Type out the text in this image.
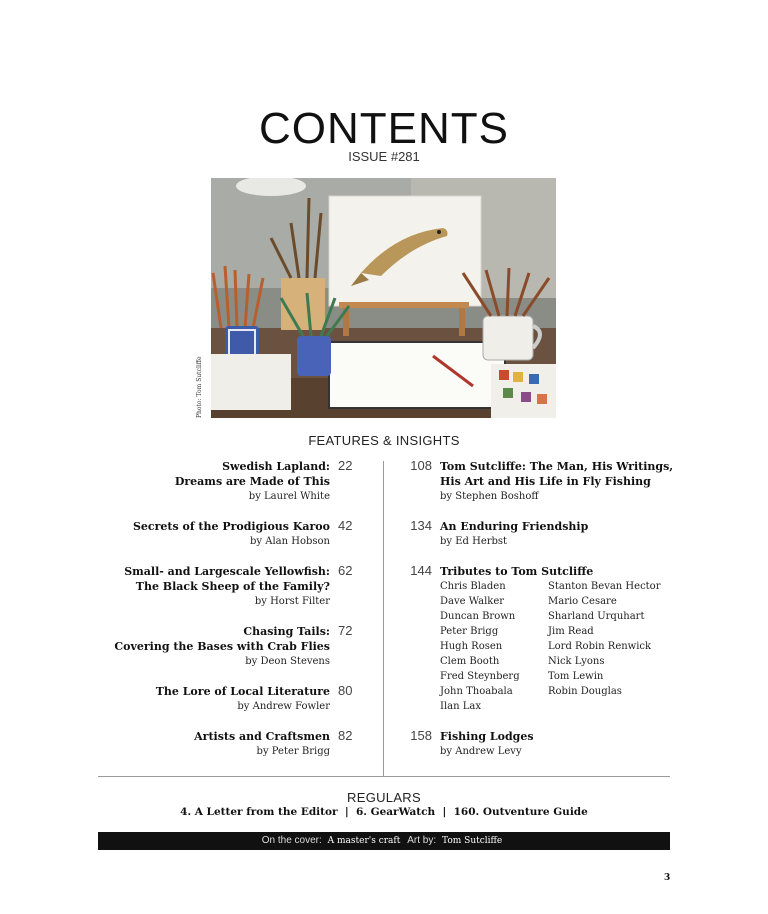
CONTENTS
ISSUE #281
Photo: Tom Sutcliffe
FEATURES & INSIGHTS
Swedish Lapland:
Dreams are Made of This
by Laurel White
22
Secrets of the Prodigious Karoo
by Alan Hobson
42
Small- and Largescale Yellowfish:
The Black Sheep of the Family?
by Horst Filter
62
Chasing Tails:
Covering the Bases with Crab Flies
by Deon Stevens
72
The Lore of Local Literature
by Andrew Fowler
80
Artists and Craftsmen
by Peter Brigg
82
108 Tom Sutcliffe: The Man, His Writings,
His Art and His Life in Fly Fishing
by Stephen Boshoff
134 An Enduring Friendship
by Ed Herbst
144 Tributes to Tom Sutcliffe
Chris Bladen
Dave Walker
Duncan Brown
Peter Brigg
Hugh Rosen
Clem Booth
Fred Steynberg
John Thoabala
Ilan Lax
Stanton Bevan Hector
Mario Cesare
Sharland Urquhart
Jim Read
Lord Robin Renwick
Nick Lyons
Tom Lewin
Robin Douglas
158 Fishing Lodges
by Andrew Levy
REGULARS
4. A Letter from the Editor  |  6. GearWatch  |  160. Outventure Guide
On the cover: A master's craft Art by: Tom Sutcliffe
3
